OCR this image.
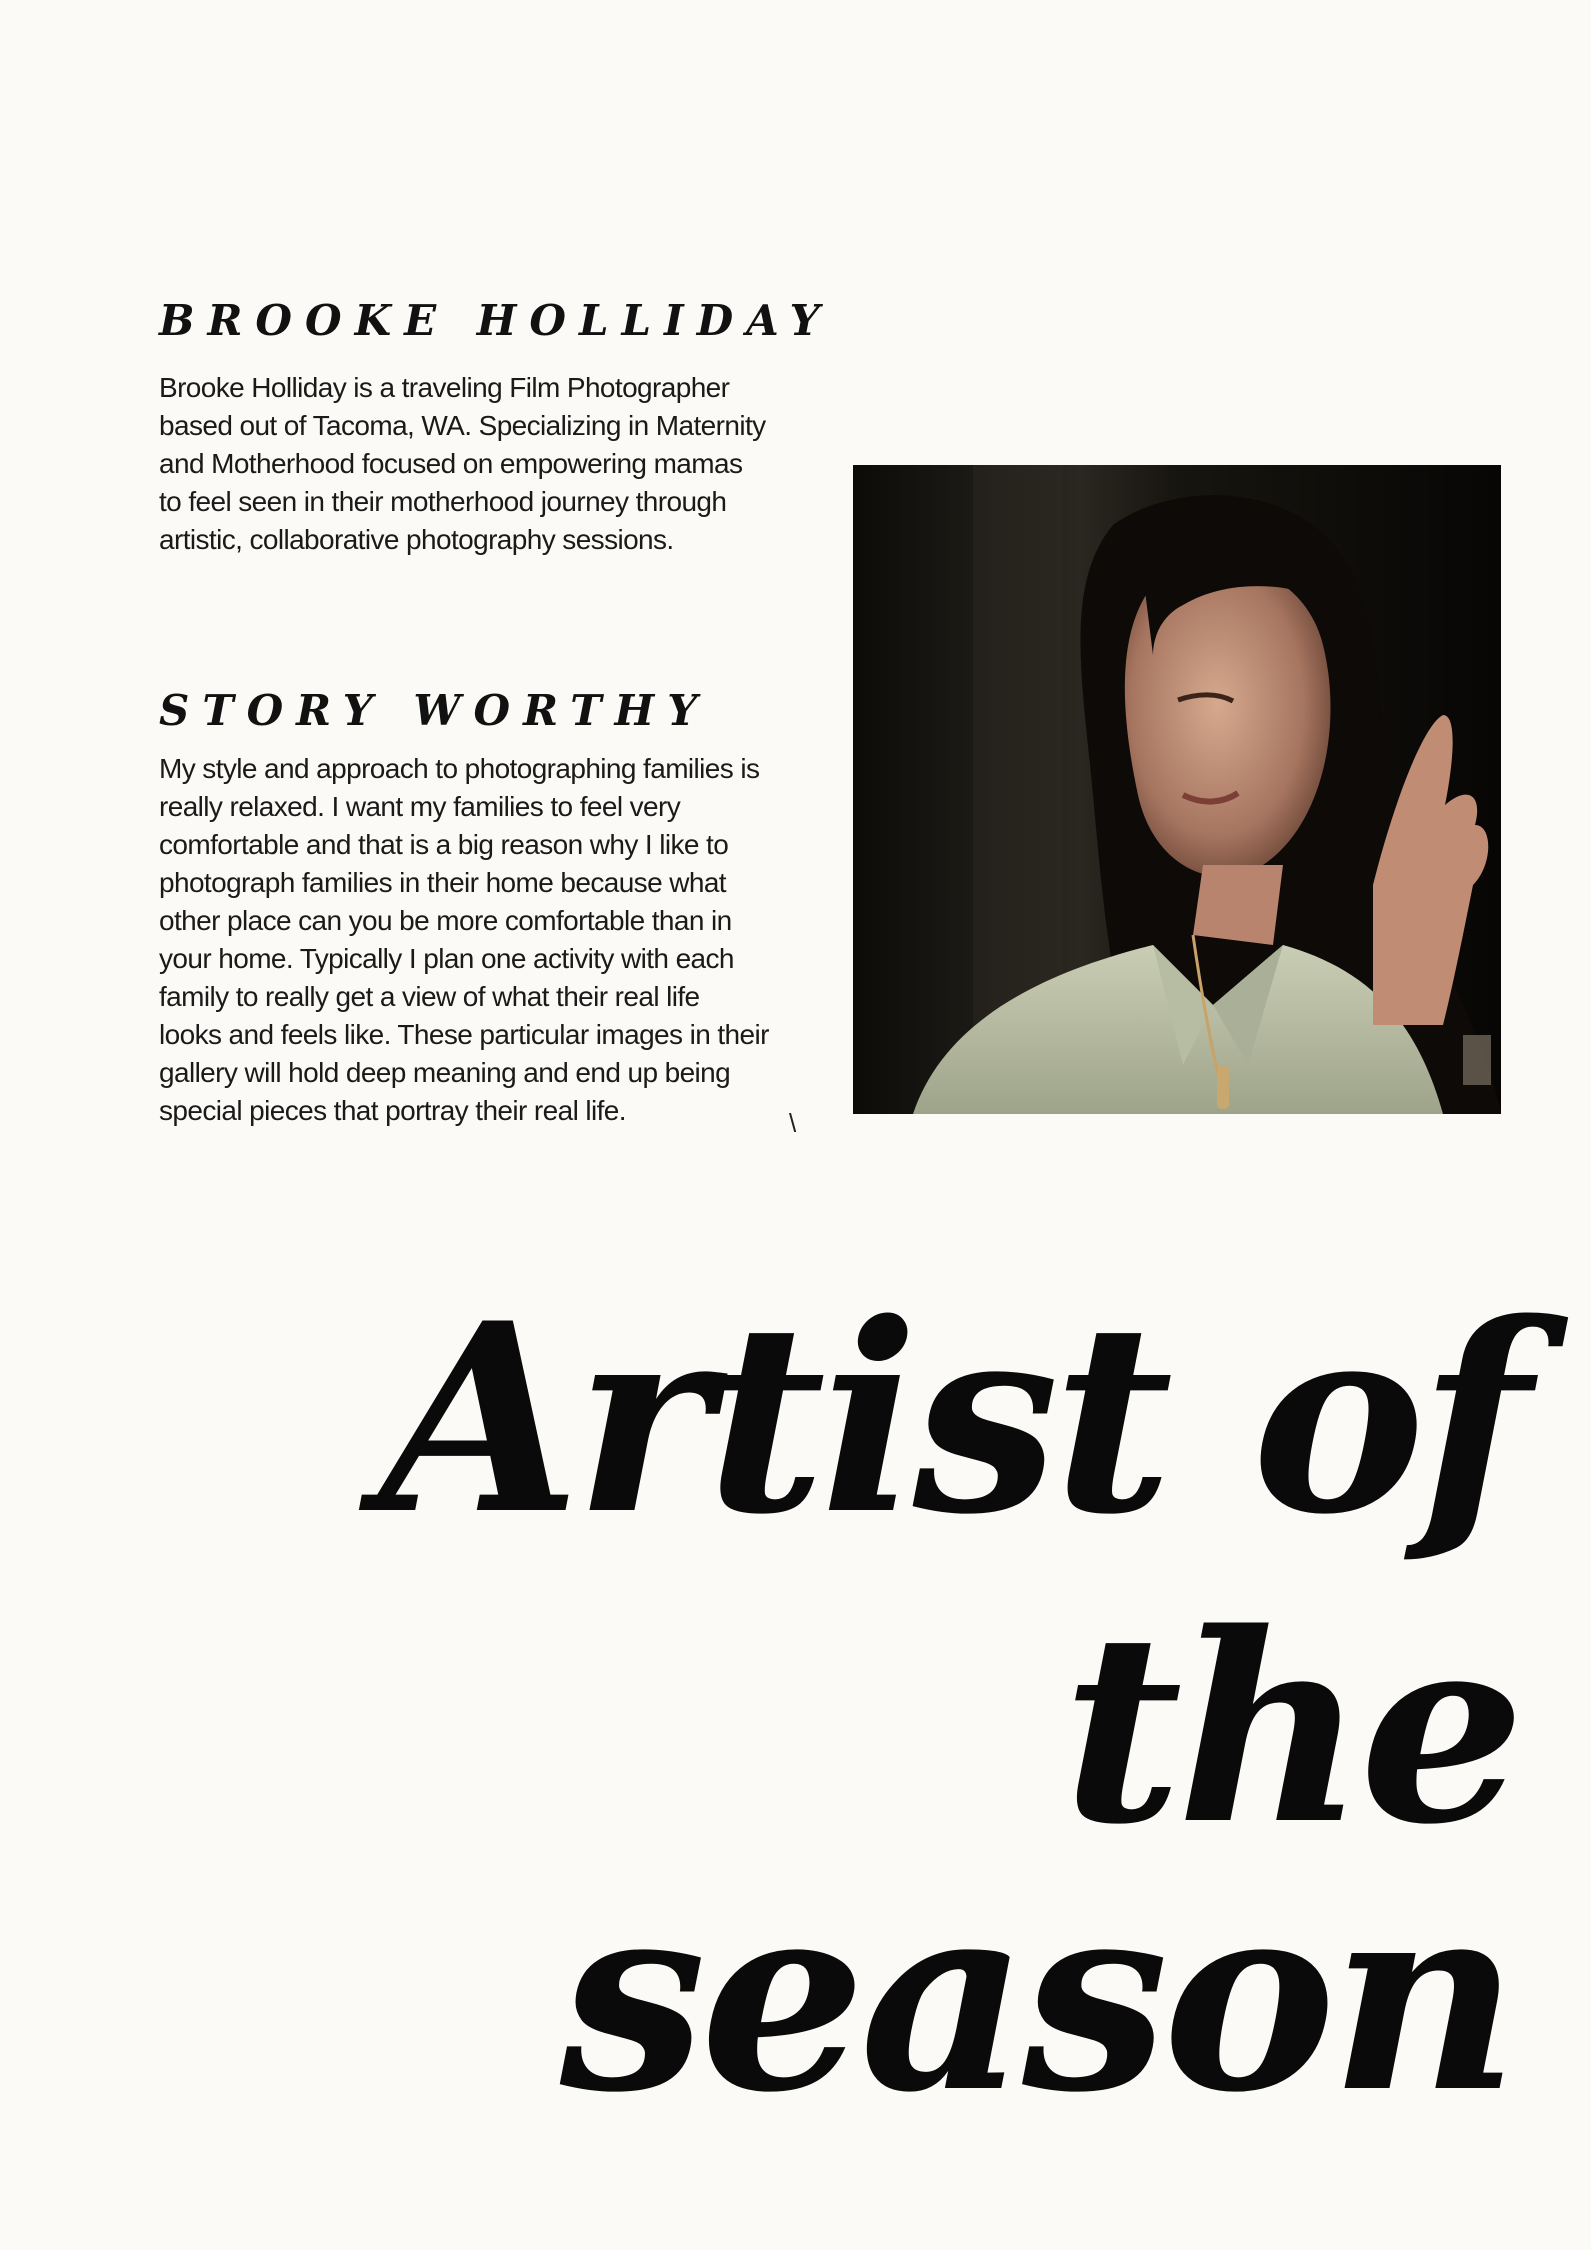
BROOKE HOLLIDAY

Brooke Holliday is a traveling Film Photographer based out of Tacoma, WA. Specializing in Maternity and Motherhood focused on empowering mamas to feel seen in their motherhood journey through artistic, collaborative photography sessions.

STORY WORTHY

My style and approach to photographing families is really relaxed. I want my families to feel very comfortable and that is a big reason why I like to photograph families in their home because what other place can you be more comfortable than in your home. Typically I plan one activity with each family to really get a view of what their real life looks and feels like. These particular images in their gallery will hold deep meaning and end up being special pieces that portray their real life.	\
Artist of
the
season
